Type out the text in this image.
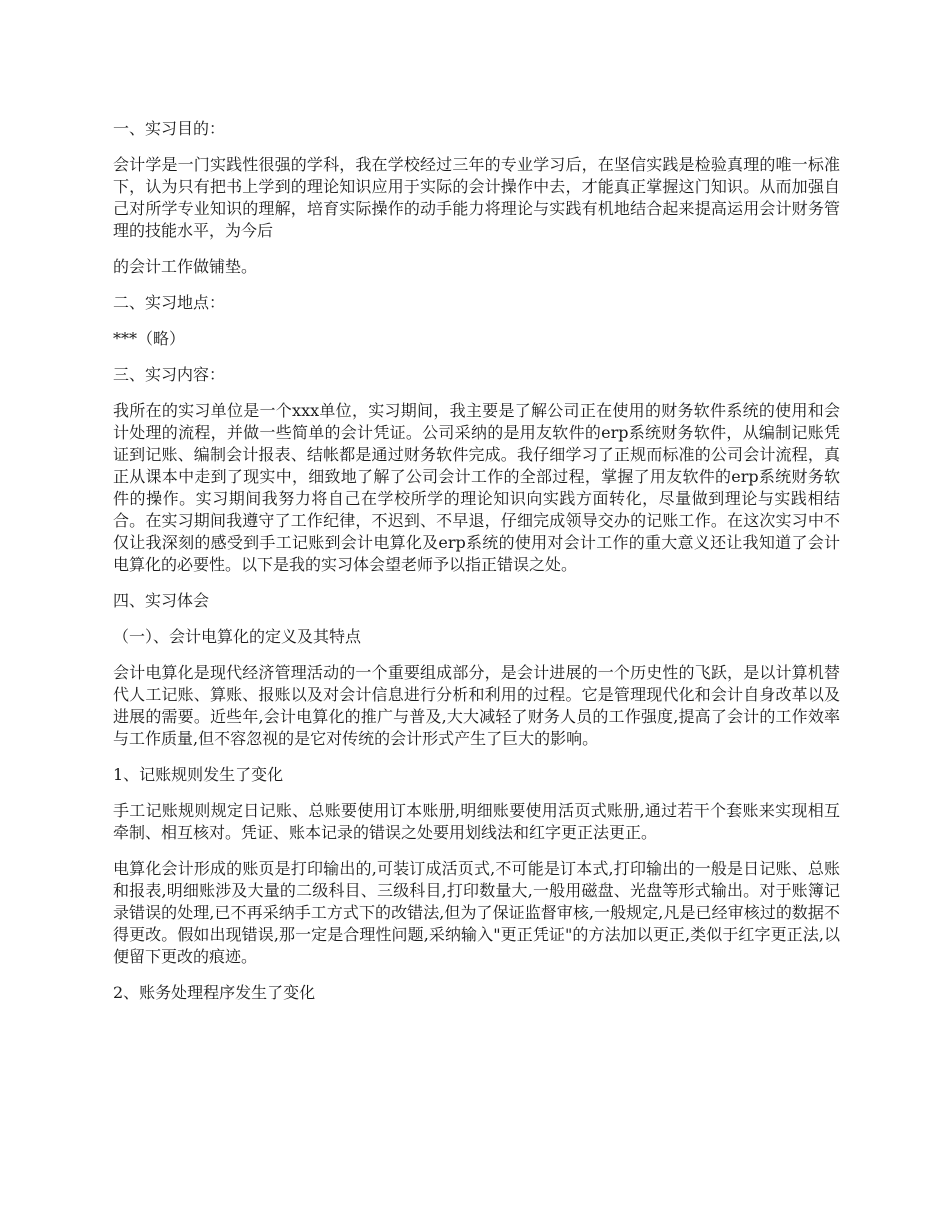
一、实习目的：
会计学是一门实践性很强的学科，我在学校经过三年的专业学习后，在坚信实践是检验真理的唯一标准下，认为只有把书上学到的理论知识应用于实际的会计操作中去，才能真正掌握这门知识。从而加强自己对所学专业知识的理解，培育实际操作的动手能力将理论与实践有机地结合起来提高运用会计财务管理的技能水平，为今后
的会计工作做铺垫。
二、实习地点：
***（略）
三、实习内容：
我所在的实习单位是一个xxx单位，实习期间，我主要是了解公司正在使用的财务软件系统的使用和会计处理的流程，并做一些简单的会计凭证。公司采纳的是用友软件的erp系统财务软件，从编制记账凭证到记账、编制会计报表、结帐都是通过财务软件完成。我仔细学习了正规而标准的公司会计流程，真正从课本中走到了现实中，细致地了解了公司会计工作的全部过程，掌握了用友软件的erp系统财务软件的操作。实习期间我努力将自己在学校所学的理论知识向实践方面转化，尽量做到理论与实践相结合。在实习期间我遵守了工作纪律，不迟到、不早退，仔细完成领导交办的记账工作。在这次实习中不仅让我深刻的感受到手工记账到会计电算化及erp系统的使用对会计工作的重大意义还让我知道了会计电算化的必要性。以下是我的实习体会望老师予以指正错误之处。
四、实习体会
（一）、会计电算化的定义及其特点
会计电算化是现代经济管理活动的一个重要组成部分，是会计进展的一个历史性的飞跃，是以计算机替代人工记账、算账、报账以及对会计信息进行分析和利用的过程。它是管理现代化和会计自身改革以及进展的需要。近些年,会计电算化的推广与普及,大大减轻了财务人员的工作强度,提高了会计的工作效率与工作质量,但不容忽视的是它对传统的会计形式产生了巨大的影响。
1、记账规则发生了变化
手工记账规则规定日记账、总账要使用订本账册,明细账要使用活页式账册,通过若干个套账来实现相互牵制、相互核对。凭证、账本记录的错误之处要用划线法和红字更正法更正。
电算化会计形成的账页是打印输出的,可装订成活页式,不可能是订本式,打印输出的一般是日记账、总账和报表,明细账涉及大量的二级科目、三级科目,打印数量大,一般用磁盘、光盘等形式输出。对于账簿记录错误的处理,已不再采纳手工方式下的改错法,但为了保证监督审核,一般规定,凡是已经审核过的数据不得更改。假如出现错误,那一定是合理性问题,采纳输入"更正凭证"的方法加以更正,类似于红字更正法,以便留下更改的痕迹。
2、账务处理程序发生了变化
